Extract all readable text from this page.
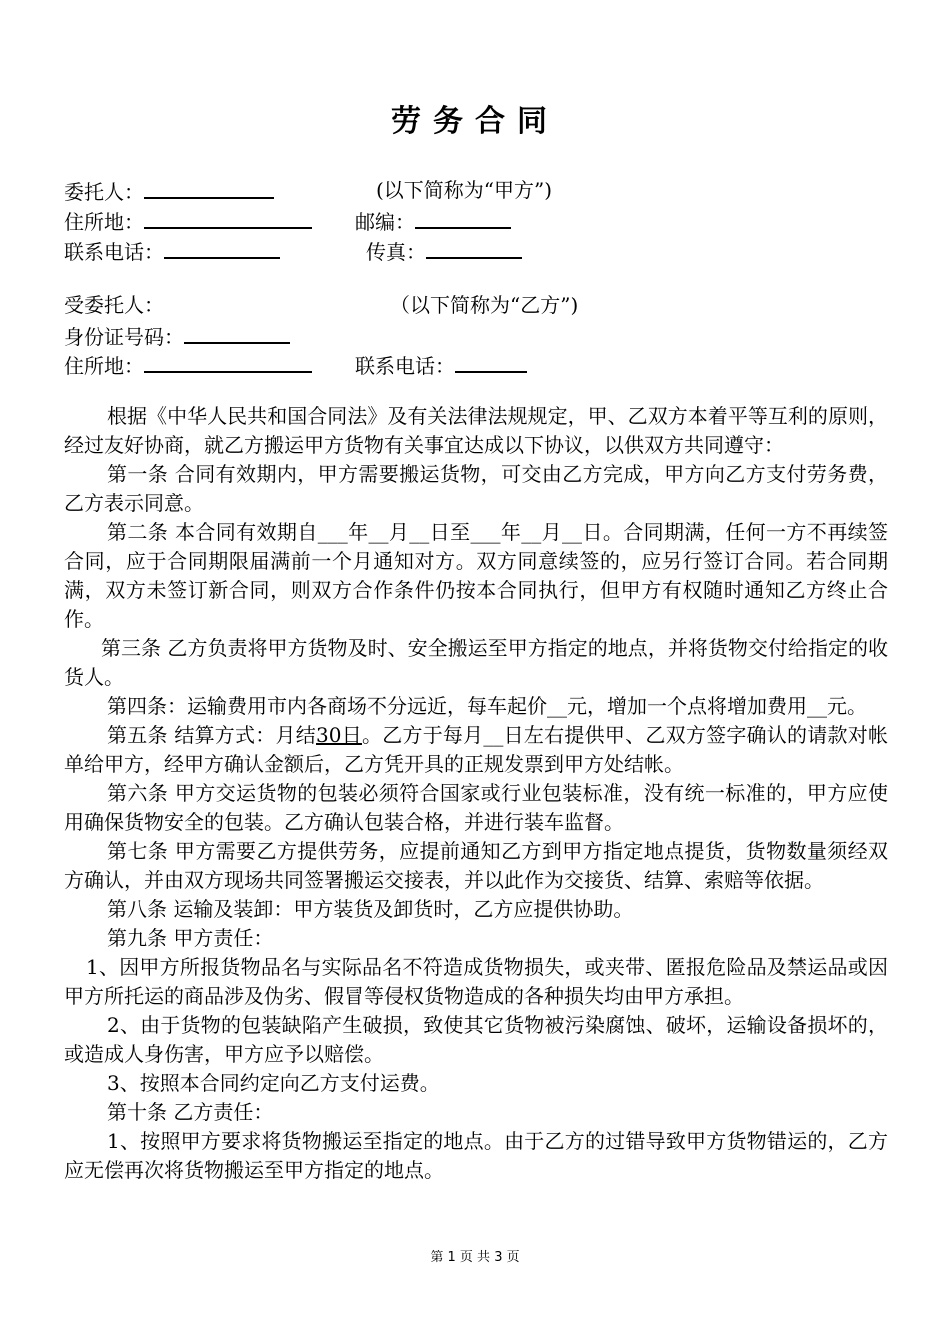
劳务合同
委托人：	(以下简称为“甲方”)
住所地：	邮编：
联系电话：	传真：
受委托人：	（以下简称为“乙方”)
身份证号码：
住所地：	联系电话：

根据《中华人民共和国合同法》及有关法律法规规定，甲、乙双方本着平等互利的原则，经过友好协商，就乙方搬运甲方货物有关事宜达成以下协议，以供双方共同遵守：

第一条 合同有效期内，甲方需要搬运货物，可交由乙方完成，甲方向乙方支付劳务费，乙方表示同意。

第二条 本合同有效期自___年__月__日至___年__月__日。合同期满，任何一方不再续签合同，应于合同期限届满前一个月通知对方。双方同意续签的，应另行签订合同。若合同期满，双方未签订新合同，则双方合作条件仍按本合同执行，但甲方有权随时通知乙方终止合作。

第三条 乙方负责将甲方货物及时、安全搬运至甲方指定的地点，并将货物交付给指定的收货人。

第四条：运输费用市内各商场不分远近，每车起价__元，增加一个点将增加费用__元。

第五条 结算方式：月结30日。乙方于每月__日左右提供甲、乙双方签字确认的请款对帐单给甲方，经甲方确认金额后，乙方凭开具的正规发票到甲方处结帐。

第六条 甲方交运货物的包装必须符合国家或行业包装标准，没有统一标准的，甲方应使用确保货物安全的包装。乙方确认包装合格，并进行装车监督。

第七条 甲方需要乙方提供劳务，应提前通知乙方到甲方指定地点提货，货物数量须经双方确认，并由双方现场共同签署搬运交接表，并以此作为交接货、结算、索赔等依据。

第八条 运输及装卸：甲方装货及卸货时，乙方应提供协助。

第九条 甲方责任：

1、因甲方所报货物品名与实际品名不符造成货物损失，或夹带、匿报危险品及禁运品或因甲方所托运的商品涉及伪劣、假冒等侵权货物造成的各种损失均由甲方承担。

2、由于货物的包装缺陷产生破损，致使其它货物被污染腐蚀、破坏，运输设备损坏的，或造成人身伤害，甲方应予以赔偿。

3、按照本合同约定向乙方支付运费。

第十条 乙方责任：

1、按照甲方要求将货物搬运至指定的地点。由于乙方的过错导致甲方货物错运的，乙方应无偿再次将货物搬运至甲方指定的地点。

第 1 页 共 3 页
